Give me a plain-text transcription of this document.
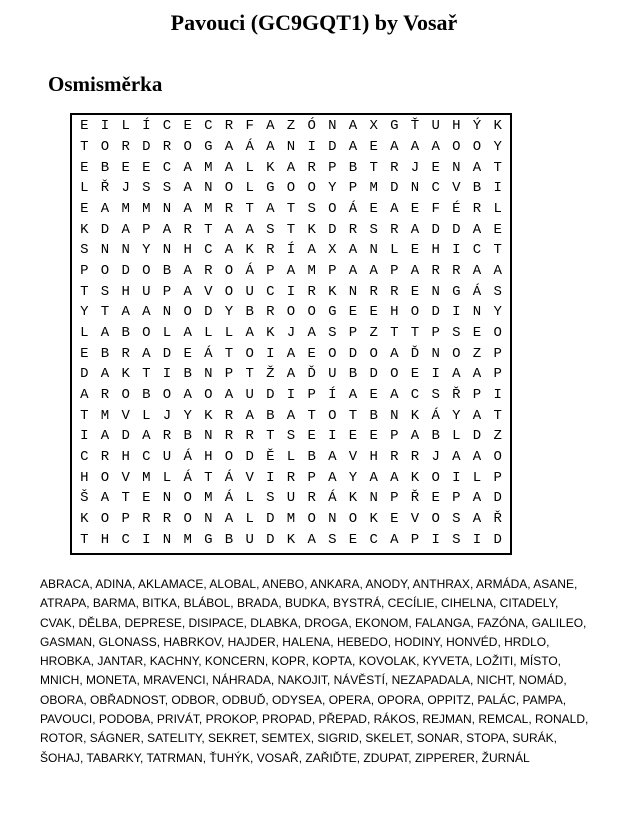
Pavouci (GC9GQT1) by Vosař
Osmisměrka
E I L Í C E C R F A Z Ó N A X G Ť U H Ý K
T O R D R O G A Á A N I D A E A A A O O Y
E B E E C A M A L K A R P B T R J E N A T
L Ř J S S A N O L G O O Y P M D N C V B I
E A M M N A M R T A T S O Á E A E F É R L
K D A P A R T A A S T K D R S R A D D A E
S N N Y N H C A K R Í A X A N L E H I C T
P O D O B A R O Á P A M P A A P A R R A A
T S H U P A V O U C I R K N R R E N G Á S
Y T A A N O D Y B R O O G E E H O D I N Y
L A B O L A L L A K J A S P Z T T P S E O
E B R A D E Á T O I A E O D O A Ď N O Z P
D A K T I B N P T Ž A Ď U B D O E I A A P
A R O B O A O A U D I P Í A E A C S Ř P I
T M V L J Y K R A B A T O T B N K Á Y A T
I A D A R B N R R T S E I E E P A B L D Z
C R H C U Á H O D Ě L B A V H R R J A A O
H O V M L Á T Á V I R P A Y A A K O I L P
Š A T E N O M Á L S U R Á K N P Ř E P A D
K O P R R O N A L D M O N O K E V O S A Ř
T H C I N M G B U D K A S E C A P I S I D

ABRACA, ADINA, AKLAMACE, ALOBAL, ANEBO, ANKARA, ANODY, ANTHRAX, ARMÁDA, ASANE, ATRAPA, BARMA, BITKA, BLÁBOL, BRADA, BUDKA, BYSTRÁ, CECÍLIE, CIHELNA, CITADELY, CVAK, DĚLBA, DEPRESE, DISIPACE, DLABKA, DROGA, EKONOM, FALANGA, FAZÓNA, GALILEO, GASMAN, GLONASS, HABRKOV, HAJDER, HALENA, HEBEDO, HODINY, HONVÉD, HRDLO, HROBKA, JANTAR, KACHNY, KONCERN, KOPR, KOPTA, KOVOLAK, KYVETA, LOŽITI, MÍSTO, MNICH, MONETA, MRAVENCI, NÁHRADA, NAKOJIT, NÁVĚSTÍ, NEZAPADALA, NICHT, NOMÁD, OBORA, OBŘADNOST, ODBOR, ODBUĎ, ODYSEA, OPERA, OPORA, OPPITZ, PALÁC, PAMPA, PAVOUCI, PODOBA, PRIVÁT, PROKOP, PROPAD, PŘEPAD, RÁKOS, REJMAN, REMCAL, RONALD, ROTOR, SÁGNER, SATELITY, SEKRET, SEMTEX, SIGRID, SKELET, SONAR, STOPA, SURÁK, ŠOHAJ, TABARKY, TATRMAN, ŤUHÝK, VOSAŘ, ZAŘIĎTE, ZDUPAT, ZIPPERER, ŽURNÁL
